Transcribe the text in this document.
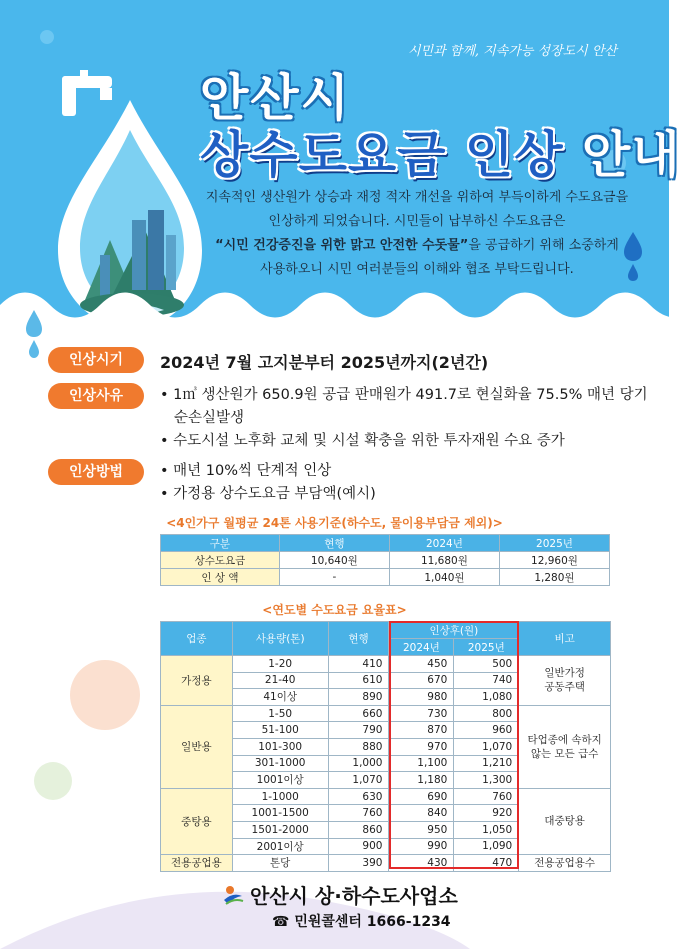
시민과 함께, 지속가능 성장도시 안산
안산시
상수도요금 인상 안내
지속적인 생산원가 상승과 재정 적자 개선을 위하여 부득이하게 수도요금을
인상하게 되었습니다. 시민들이 납부하신 수도요금은
“시민 건강증진을 위한 맑고 안전한 수돗물”을 공급하기 위해 소중하게
사용하오니 시민 여러분들의 이해와 협조 부탁드립니다.
인상시기	2024년 7월 고지분부터 2025년까지(2년간)
인상사유	• 1㎥ 생산원가 650.9원 공급 판매원가 491.7로 현실화율 75.5% 매년 당기
순손실발생
• 수도시설 노후화 교체 및 시설 확충을 위한 투자재원 수요 증가
인상방법	• 매년 10%씩 단계적 인상
• 가정용 상수도요금 부담액(예시)
<4인가구 월평균 24톤 사용기준(하수도, 물이용부담금 제외)>
구분	현행	2024년	2025년
상수도요금	10,640원	11,680원	12,960원
인 상 액	-	1,040원	1,280원
<연도별 수도요금 요율표>
업종	사용량(톤)	현행	인상후(원)		비고
			2024년	2025년	
가정용	1-20	410	450	500	일반가정
공동주택

	21-40	610	670	740	
	41이상	890	980	1,080	
일반용	1-50	660	730	800	타업종에 속하지
않는 모든 급수

	51-100	790	870	960	
	101-300	880	970	1,070	
	301-1000	1,000	1,100	1,210	
	1001이상	1,070	1,180	1,300	
중탕용	1-1000	630	690	760	대중탕용

	1001-1500	760	840	920	
	1501-2000	860	950	1,050	
	2001이상	900	990	1,090	
전용공업용	톤당	390	430	470	전용공업용수
안산시 상·하수도사업소
☎ 민원콜센터 1666-1234
